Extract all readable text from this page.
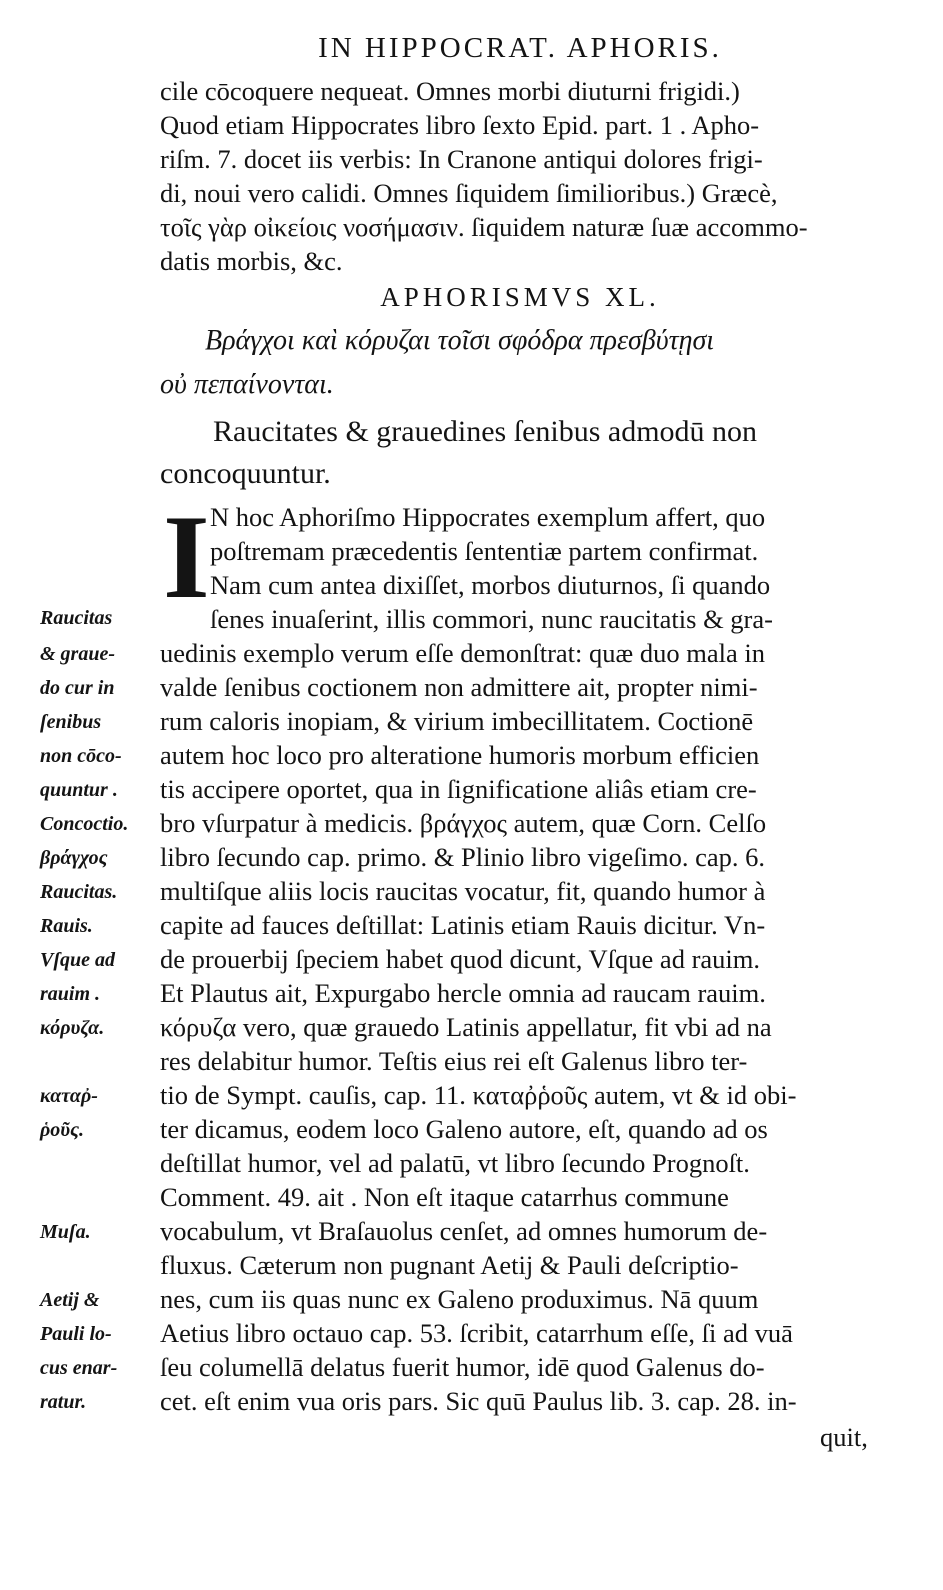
IN HIPPOCRAT. APHORIS.
cile cōcoquere nequeat. Omnes morbi diuturni frigidi.)
Quod etiam Hippocrates libro ſexto Epid. part. 1 . Apho-
riſm. 7. docet iis verbis: In Cranone antiqui dolores frigi-
di, noui vero calidi. Omnes ſiquidem ſimilioribus.) Græcè,
τοῖς γὰρ οἰκείοις νοσήμασιν. ſiquidem naturæ ſuæ accommo-
datis morbis, &c.
APHORISMVS XL.
Βράγχοι καὶ κόρυζαι τοῖσι σφόδρα πρεσβύτῃσι
οὐ πεπαίνονται.
Raucitates & grauedines ſenibus admodū non
concoquuntur.
I N hoc Aphoriſmo Hippocrates exemplum affert, quo
poſtremam præcedentis ſententiæ partem confirmat.
Nam cum antea dixiſſet, morbos diuturnos, ſi quando
ſenes inuaſerint, illis commori, nunc raucitatis & gra-
uedinis exemplo verum eſſe demonſtrat: quæ duo mala in
valde ſenibus coctionem non admittere ait, propter nimi-
rum caloris inopiam, & virium imbecillitatem. Coctionē
autem hoc loco pro alteratione humoris morbum efficien
tis accipere oportet, qua in ſignificatione aliâs etiam cre-
bro vſurpatur à medicis. βράγχος autem, quæ Corn. Celſo
libro ſecundo cap. primo. & Plinio libro vigeſimo. cap. 6.
multiſque aliis locis raucitas vocatur, fit, quando humor à
capite ad fauces deſtillat: Latinis etiam Rauis dicitur. Vn-
de prouerbij ſpeciem habet quod dicunt, Vſque ad rauim.
Et Plautus ait, Expurgabo hercle omnia ad raucam rauim.
κόρυζα vero, quæ grauedo Latinis appellatur, fit vbi ad na
res delabitur humor. Teſtis eius rei eſt Galenus libro ter-
tio de Sympt. cauſis, cap. 11. καταῤῥοῦς autem, vt & id obi-
ter dicamus, eodem loco Galeno autore, eſt, quando ad os
deſtillat humor, vel ad palatū, vt libro ſecundo Prognoſt.
Comment. 49. ait . Non eſt itaque catarrhus commune
vocabulum, vt Braſauolus cenſet, ad omnes humorum de-
fluxus. Cæterum non pugnant Aetij & Pauli deſcriptio-
nes, cum iis quas nunc ex Galeno produximus. Nā quum
Aetius libro octauo cap. 53. ſcribit, catarrhum eſſe, ſi ad vuā
ſeu columellā delatus fuerit humor, idē quod Galenus do-
cet. eſt enim vua oris pars. Sic quū Paulus lib. 3. cap. 28. in-
quit,
Raucitas
& graue-
do cur in
ſenibus
non cōco-
quuntur .
Concoctio.
βράγχος
Raucitas.
Rauis.
Vſque ad
rauim .
κόρυζα.
καταῤ-
ῥοῦς.
Muſa.
Aetij &
Pauli lo-
cus enar-
ratur.
